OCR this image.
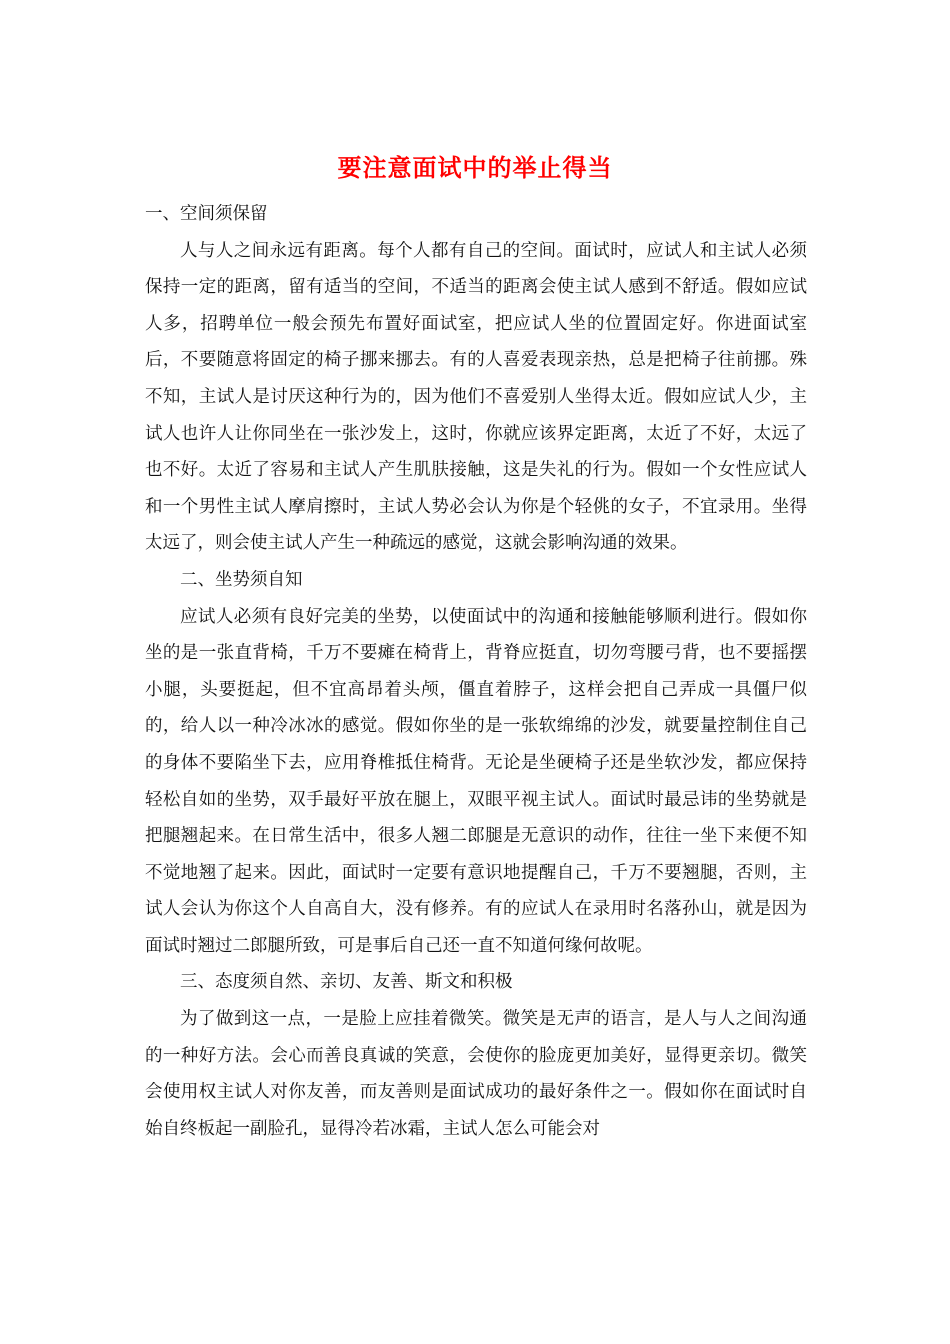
要注意面试中的举止得当

一、空间须保留

人与人之间永远有距离。每个人都有自己的空间。面试时，应试人和主试人必须保持一定的距离，留有适当的空间，不适当的距离会使主试人感到不舒适。假如应试人多，招聘单位一般会预先布置好面试室，把应试人坐的位置固定好。你进面试室后，不要随意将固定的椅子挪来挪去。有的人喜爱表现亲热，总是把椅子往前挪。殊不知，主试人是讨厌这种行为的，因为他们不喜爱别人坐得太近。假如应试人少，主试人也许人让你同坐在一张沙发上，这时，你就应该界定距离，太近了不好，太远了也不好。太近了容易和主试人产生肌肤接触，这是失礼的行为。假如一个女性应试人和一个男性主试人摩肩擦时，主试人势必会认为你是个轻佻的女子，不宜录用。坐得太远了，则会使主试人产生一种疏远的感觉，这就会影响沟通的效果。

二、坐势须自知

应试人必须有良好完美的坐势，以使面试中的沟通和接触能够顺利进行。假如你坐的是一张直背椅，千万不要瘫在椅背上，背脊应挺直，切勿弯腰弓背，也不要摇摆小腿，头要挺起，但不宜高昂着头颅，僵直着脖子，这样会把自己弄成一具僵尸似的，给人以一种冷冰冰的感觉。假如你坐的是一张软绵绵的沙发，就要量控制住自己的身体不要陷坐下去，应用脊椎抵住椅背。无论是坐硬椅子还是坐软沙发，都应保持轻松自如的坐势，双手最好平放在腿上，双眼平视主试人。面试时最忌讳的坐势就是把腿翘起来。在日常生活中，很多人翘二郎腿是无意识的动作，往往一坐下来便不知不觉地翘了起来。因此，面试时一定要有意识地提醒自己，千万不要翘腿，否则，主试人会认为你这个人自高自大，没有修养。有的应试人在录用时名落孙山，就是因为面试时翘过二郎腿所致，可是事后自己还一直不知道何缘何故呢。

三、态度须自然、亲切、友善、斯文和积极

为了做到这一点，一是脸上应挂着微笑。微笑是无声的语言，是人与人之间沟通的一种好方法。会心而善良真诚的笑意，会使你的脸庞更加美好，显得更亲切。微笑会使用权主试人对你友善，而友善则是面试成功的最好条件之一。假如你在面试时自始自终板起一副脸孔，显得冷若冰霜，主试人怎么可能会对
